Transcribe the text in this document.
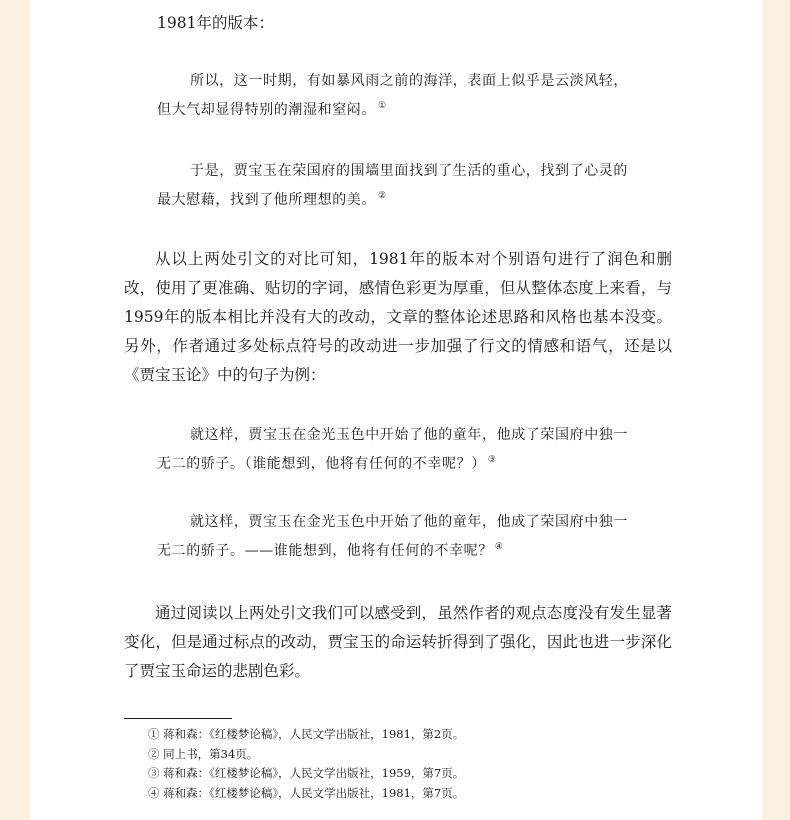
1981年的版本：

所以，这一时期，有如暴风雨之前的海洋，表面上似乎是云淡风轻，但大气却显得特别的潮湿和窒闷。 ①

于是，贾宝玉在荣国府的围墙里面找到了生活的重心，找到了心灵的最大慰藉，找到了他所理想的美。 ②

从以上两处引文的对比可知，1981年的版本对个别语句进行了润色和删改，使用了更准确、贴切的字词，感情色彩更为厚重，但从整体态度上来看，与1959年的版本相比并没有大的改动，文章的整体论述思路和风格也基本没变。另外，作者通过多处标点符号的改动进一步加强了行文的情感和语气，还是以《贾宝玉论》中的句子为例：

就这样，贾宝玉在金光玉色中开始了他的童年，他成了荣国府中独一无二的骄子。（谁能想到，他将有任何的不幸呢？） ③

就这样，贾宝玉在金光玉色中开始了他的童年，他成了荣国府中独一无二的骄子。——谁能想到，他将有任何的不幸呢？ ④

通过阅读以上两处引文我们可以感受到，虽然作者的观点态度没有发生显著变化，但是通过标点的改动，贾宝玉的命运转折得到了强化，因此也进一步深化了贾宝玉命运的悲剧色彩。

① 蒋和森：《红楼梦论稿》，人民文学出版社，1981，第2页。
② 同上书，第34页。
③ 蒋和森：《红楼梦论稿》，人民文学出版社，1959，第7页。
④ 蒋和森：《红楼梦论稿》，人民文学出版社，1981，第7页。
